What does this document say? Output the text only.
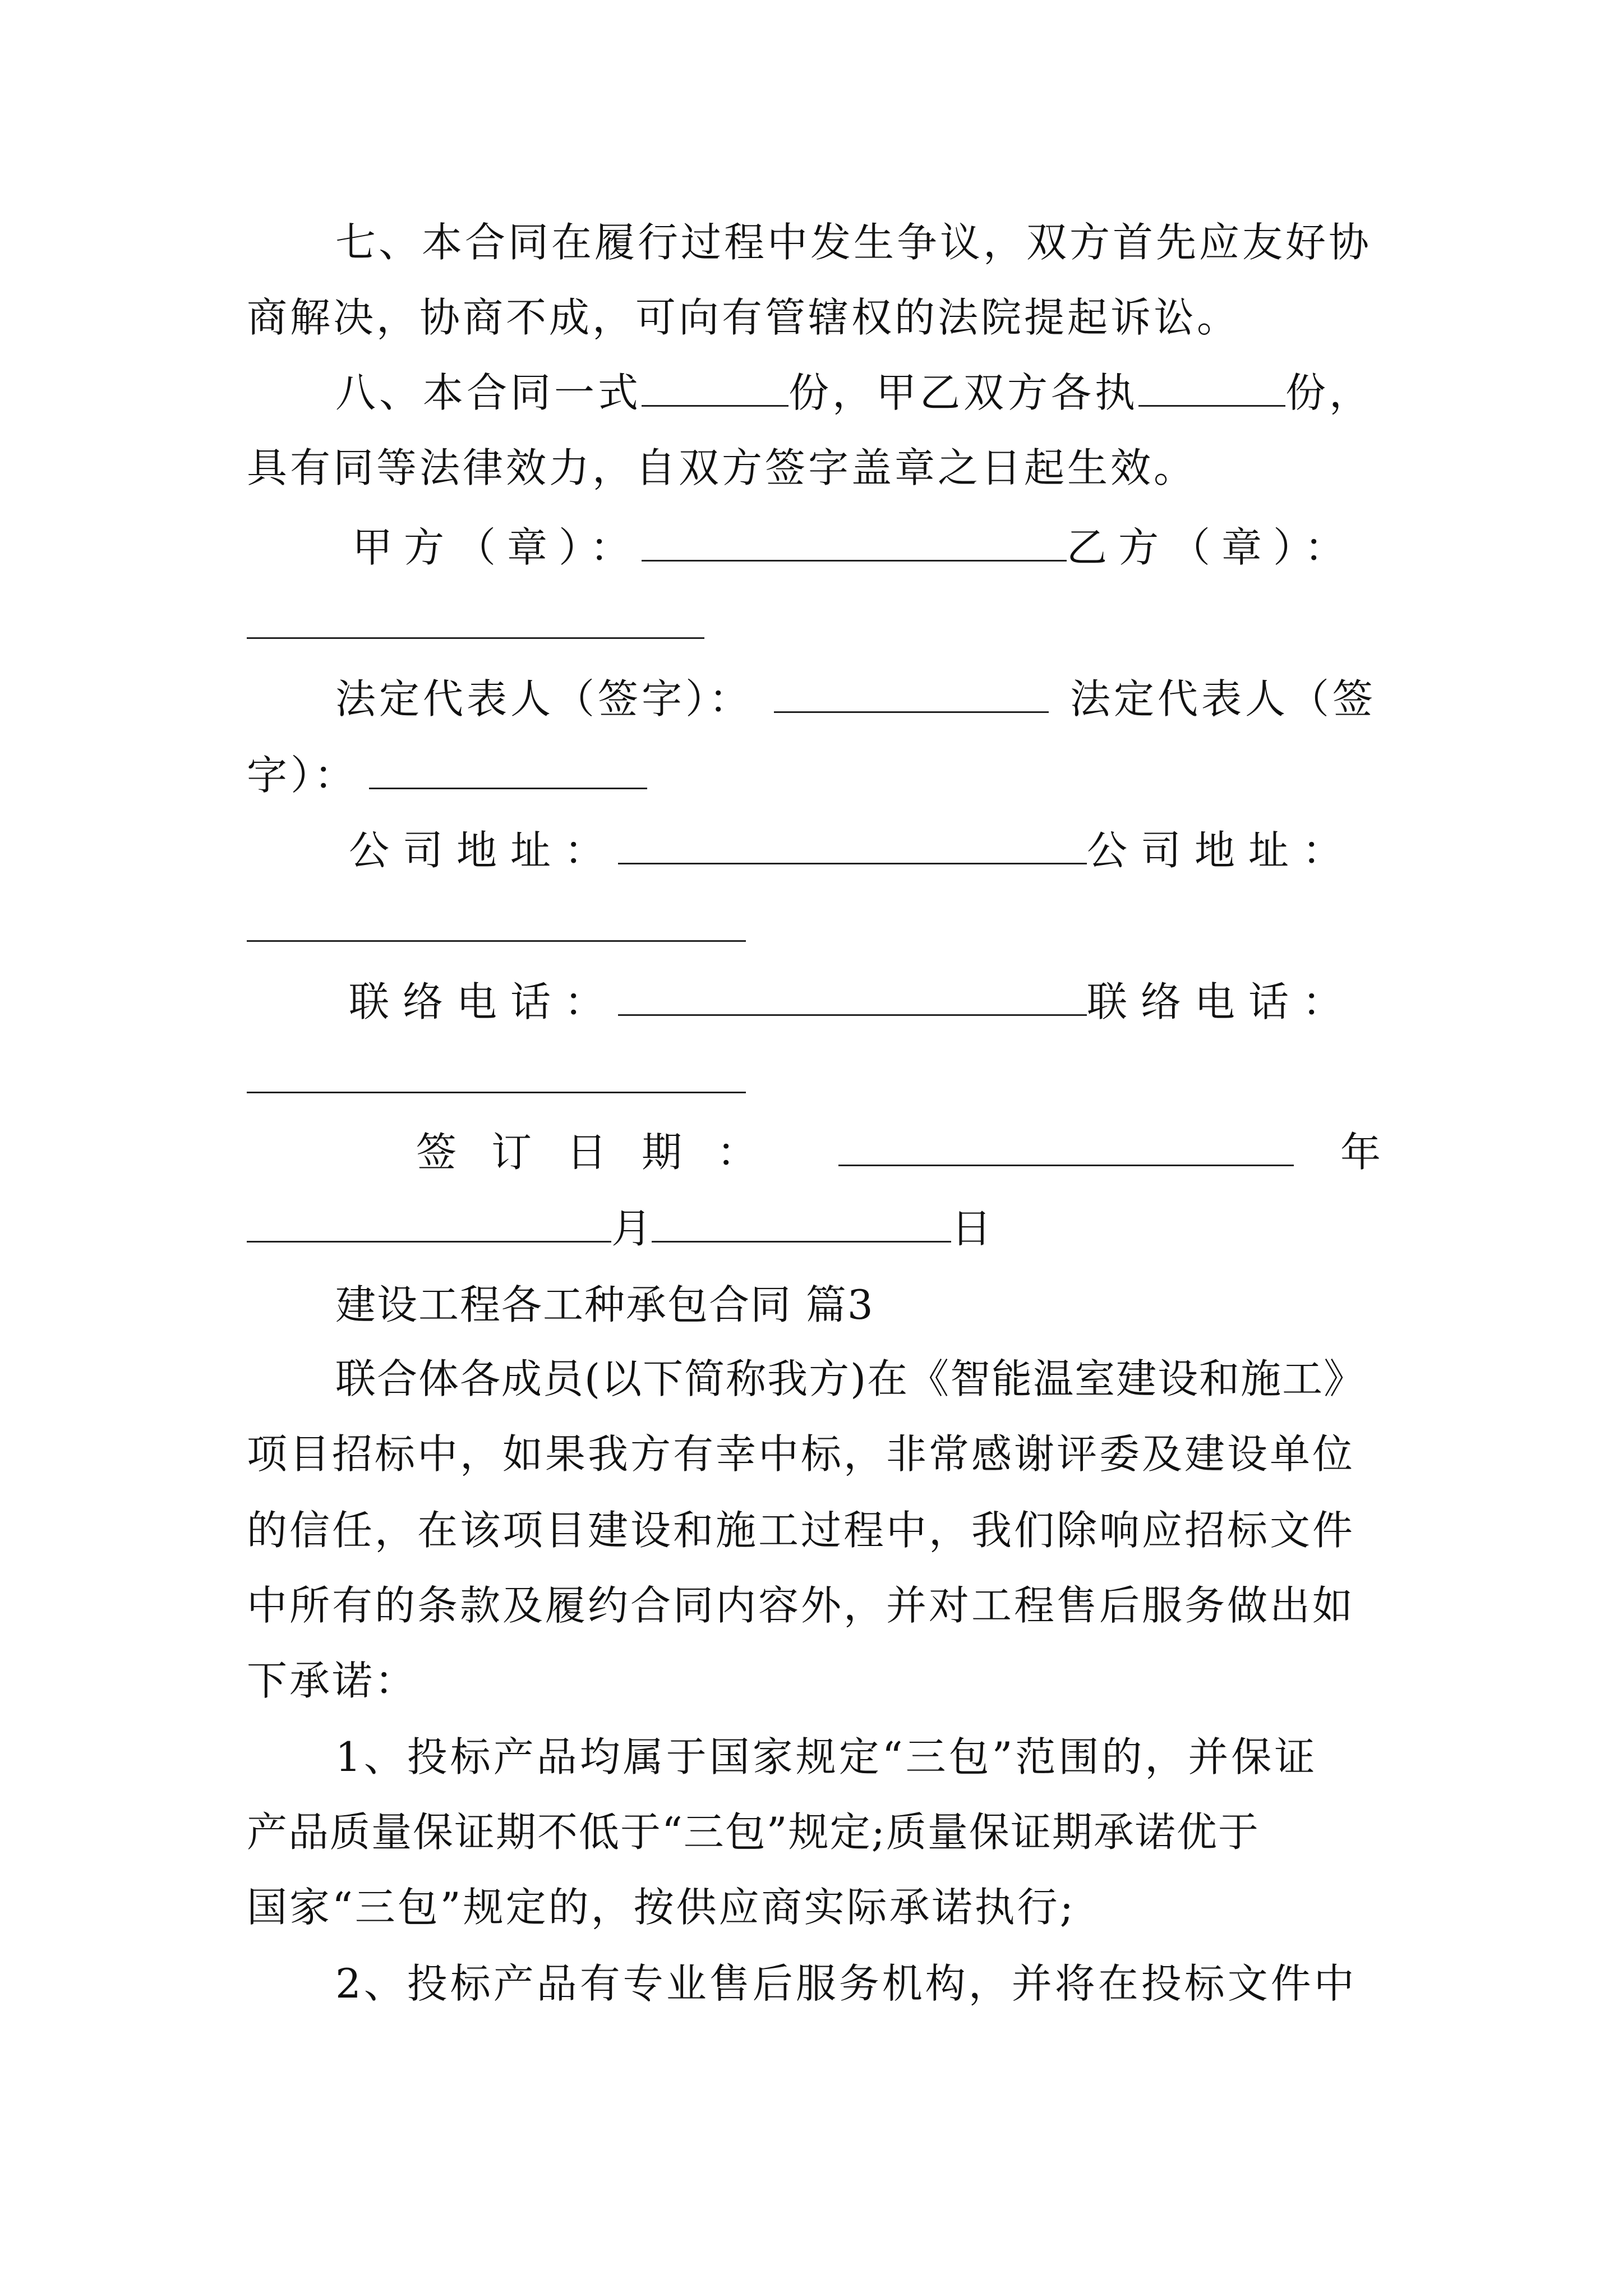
七、本合同在履行过程中发生争议，双方首先应友好协
商解决，协商不成，可向有管辖权的法院提起诉讼。
八、本合同一式	份，甲乙双方各执	份，
具有同等法律效力，自双方签字盖章之日起生效。
甲方（章）：	乙方（章）：
法定代表人（签字）：	法定代表人（签
字）：
公司地址：	公司地址：
联络电话：	联络电话：
签订日期：	年
月	日
建设工程各工种承包合同 篇3
联合体各成员(以下简称我方)在《智能温室建设和施工》
项目招标中，如果我方有幸中标，非常感谢评委及建设单位
的信任，在该项目建设和施工过程中，我们除响应招标文件
中所有的条款及履约合同内容外，并对工程售后服务做出如
下承诺：
1、投标产品均属于国家规定“三包”范围的，并保证
产品质量保证期不低于“三包”规定;质量保证期承诺优于
国家“三包”规定的，按供应商实际承诺执行;
2、投标产品有专业售后服务机构，并将在投标文件中
